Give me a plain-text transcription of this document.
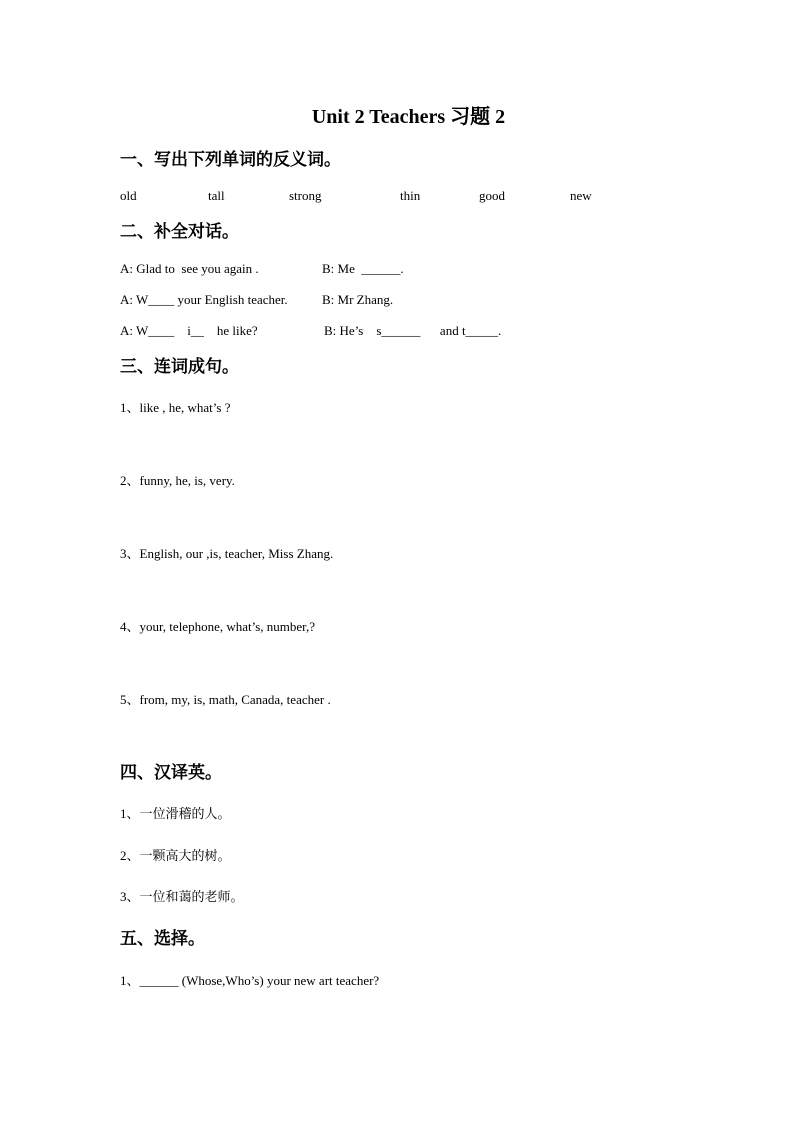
Unit 2 Teachers 习题 2
一、写出下列单词的反义词。
old	tall	strong	thin	good	new
二、补全对话。
A: Glad to  see you again .	B: Me  ______.
A: W____ your English teacher.	B: Mr Zhang.
A: W____    i__    he like?	B: He’s    s______      and t_____.
三、连词成句。
1、like , he, what’s ?
2、funny, he, is, very.
3、English, our ,is, teacher, Miss Zhang.
4、your, telephone, what’s, number,?
5、from, my, is, math, Canada, teacher .
四、汉译英。
1、一位滑稽的人。
2、一颗高大的树。
3、一位和蔼的老师。
五、选择。
1、______ (Whose,Who’s) your new art teacher?
